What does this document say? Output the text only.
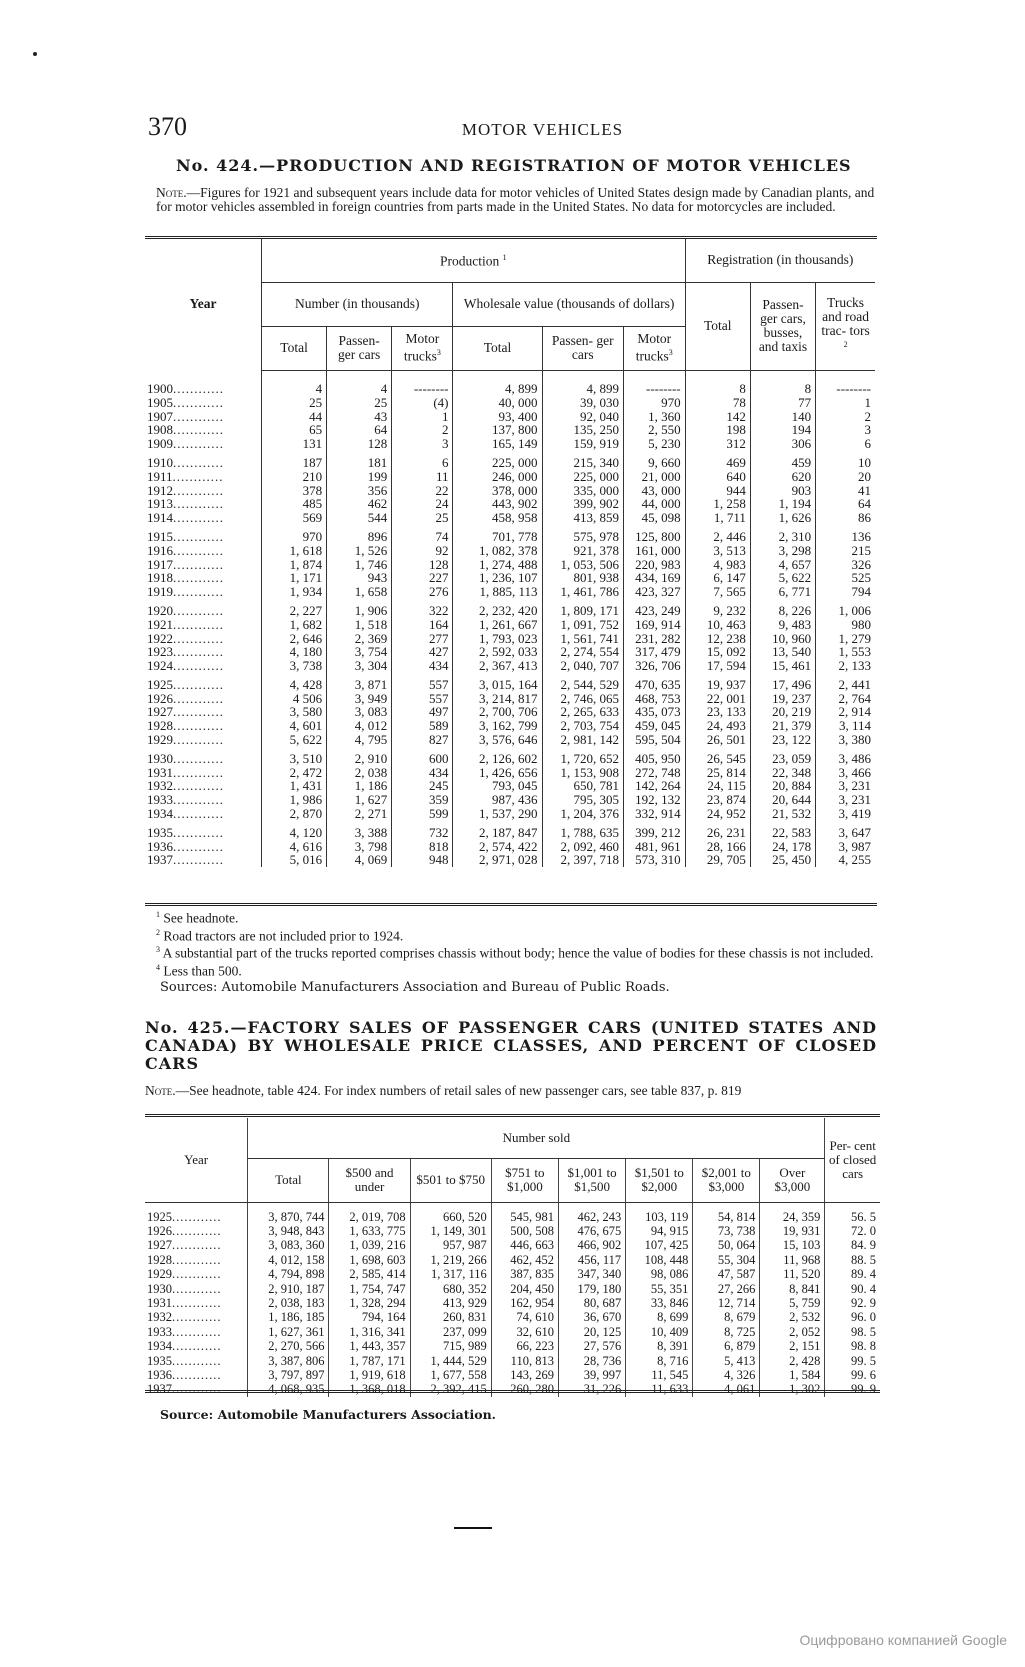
370	MOTOR VEHICLES
No. 424.—PRODUCTION AND REGISTRATION OF MOTOR VEHICLES
Note.—Figures for 1921 and subsequent years include data for motor vehicles of United States design made by Canadian plants, and for motor vehicles assembled in foreign countries from parts made in the United States. No data for motorcycles are included.
Year	Production $^1$						Registration (in thousands)		
	Number (in thousands)			Wholesale value (thousands of dollars)			Total	Passen- ger cars, busses, and taxis	Trucks and road trac- tors $^2$
	Total	Passen- ger cars	Motor trucks$^3$	Total	Passen- ger cars	Motor trucks$^3$
1900 .....	4	4	--------	4, 899	4, 899	--------	8	8	--------
1905 .....	25	25	(4)	40, 000	39, 030	970	78	77	1
1907 .....	44	43	1	93, 400	92, 040	1, 360	142	140	2
1908 .....	65	64	2	137, 800	135, 250	2, 550	198	194	3
1909 .....	131	128	3	165, 149	159, 919	5, 230	312	306	6
1910 .....	187	181	6	225, 000	215, 340	9, 660	469	459	10
1911 .....	210	199	11	246, 000	225, 000	21, 000	640	620	20
1912 .....	378	356	22	378, 000	335, 000	43, 000	944	903	41
1913 .....	485	462	24	443, 902	399, 902	44, 000	1, 258	1, 194	64
1914 .....	569	544	25	458, 958	413, 859	45, 098	1, 711	1, 626	86
1915 .....	970	896	74	701, 778	575, 978	125, 800	2, 446	2, 310	136
1916 .....	1, 618	1, 526	92	1, 082, 378	921, 378	161, 000	3, 513	3, 298	215
1917 .....	1, 874	1, 746	128	1, 274, 488	1, 053, 506	220, 983	4, 983	4, 657	326
1918 .....	1, 171	943	227	1, 236, 107	801, 938	434, 169	6, 147	5, 622	525
1919 .....	1, 934	1, 658	276	1, 885, 113	1, 461, 786	423, 327	7, 565	6, 771	794
1920 .....	2, 227	1, 906	322	2, 232, 420	1, 809, 171	423, 249	9, 232	8, 226	1, 006
1921 .....	1, 682	1, 518	164	1, 261, 667	1, 091, 752	169, 914	10, 463	9, 483	980
1922 .....	2, 646	2, 369	277	1, 793, 023	1, 561, 741	231, 282	12, 238	10, 960	1, 279
1923 .....	4, 180	3, 754	427	2, 592, 033	2, 274, 554	317, 479	15, 092	13, 540	1, 553
1924 .....	3, 738	3, 304	434	2, 367, 413	2, 040, 707	326, 706	17, 594	15, 461	2, 133
1925 .....	4, 428	3, 871	557	3, 015, 164	2, 544, 529	470, 635	19, 937	17, 496	2, 441
1926 .....	4 506	3, 949	557	3, 214, 817	2, 746, 065	468, 753	22, 001	19, 237	2, 764
1927 .....	3, 580	3, 083	497	2, 700, 706	2, 265, 633	435, 073	23, 133	20, 219	2, 914
1928 .....	4, 601	4, 012	589	3, 162, 799	2, 703, 754	459, 045	24, 493	21, 379	3, 114
1929 .....	5, 622	4, 795	827	3, 576, 646	2, 981, 142	595, 504	26, 501	23, 122	3, 380
1930 .....	3, 510	2, 910	600	2, 126, 602	1, 720, 652	405, 950	26, 545	23, 059	3, 486
1931 .....	2, 472	2, 038	434	1, 426, 656	1, 153, 908	272, 748	25, 814	22, 348	3, 466
1932 .....	1, 431	1, 186	245	793, 045	650, 781	142, 264	24, 115	20, 884	3, 231
1933 .....	1, 986	1, 627	359	987, 436	795, 305	192, 132	23, 874	20, 644	3, 231
1934 .....	2, 870	2, 271	599	1, 537, 290	1, 204, 376	332, 914	24, 952	21, 532	3, 419
1935 .....	4, 120	3, 388	732	2, 187, 847	1, 788, 635	399, 212	26, 231	22, 583	3, 647
1936 .....	4, 616	3, 798	818	2, 574, 422	2, 092, 460	481, 961	28, 166	24, 178	3, 987
1937 .....	5, 016	4, 069	948	2, 971, 028	2, 397, 718	573, 310	29, 705	25, 450	4, 255
$^1$ See headnote.
$^2$ Road tractors are not included prior to 1924.
$^3$ A substantial part of the trucks reported comprises chassis without body; hence the value of bodies for these chassis is not included.
$^4$ Less than 500.
Sources: Automobile Manufacturers Association and Bureau of Public Roads.
No. 425.—FACTORY SALES OF PASSENGER CARS (UNITED STATES AND CANADA) BY WHOLESALE PRICE CLASSES, AND PERCENT OF CLOSED CARS
Note.—See headnote, table 424. For index numbers of retail sales of new passenger cars, see table 837, p. 819
Year	Number sold								Per- cent of closed cars
	Total	$500 and under	$501 to $750	$751 to $1,000	$1,001 to $1,500	$1,501 to $2,000	$2,001 to $3,000	Over $3,000	
1925 .....	3, 870, 744	2, 019, 708	660, 520	545, 981	462, 243	103, 119	54, 814	24, 359	56. 5
1926 .....	3, 948, 843	1, 633, 775	1, 149, 301	500, 508	476, 675	94, 915	73, 738	19, 931	72. 0
1927 .....	3, 083, 360	1, 039, 216	957, 987	446, 663	466, 902	107, 425	50, 064	15, 103	84. 9
1928 .....	4, 012, 158	1, 698, 603	1, 219, 266	462, 452	456, 117	108, 448	55, 304	11, 968	88. 5
1929 .....	4, 794, 898	2, 585, 414	1, 317, 116	387, 835	347, 340	98, 086	47, 587	11, 520	89. 4
1930 .....	2, 910, 187	1, 754, 747	680, 352	204, 450	179, 180	55, 351	27, 266	8, 841	90. 4
1931 .....	2, 038, 183	1, 328, 294	413, 929	162, 954	80, 687	33, 846	12, 714	5, 759	92. 9
1932 .....	1, 186, 185	794, 164	260, 831	74, 610	36, 670	8, 699	8, 679	2, 532	96. 0
1933 .....	1, 627, 361	1, 316, 341	237, 099	32, 610	20, 125	10, 409	8, 725	2, 052	98. 5
1934 .....	2, 270, 566	1, 443, 357	715, 989	66, 223	27, 576	8, 391	6, 879	2, 151	98. 8
1935 .....	3, 387, 806	1, 787, 171	1, 444, 529	110, 813	28, 736	8, 716	5, 413	2, 428	99. 5
1936 .....	3, 797, 897	1, 919, 618	1, 677, 558	143, 269	39, 997	11, 545	4, 326	1, 584	99. 6
1937 .....	4, 068, 935	1, 368, 018	2, 392, 415	260, 280	31, 226	11, 633	4, 061	1, 302	99. 9
Source: Automobile Manufacturers Association.
Оцифровано компанией Google
